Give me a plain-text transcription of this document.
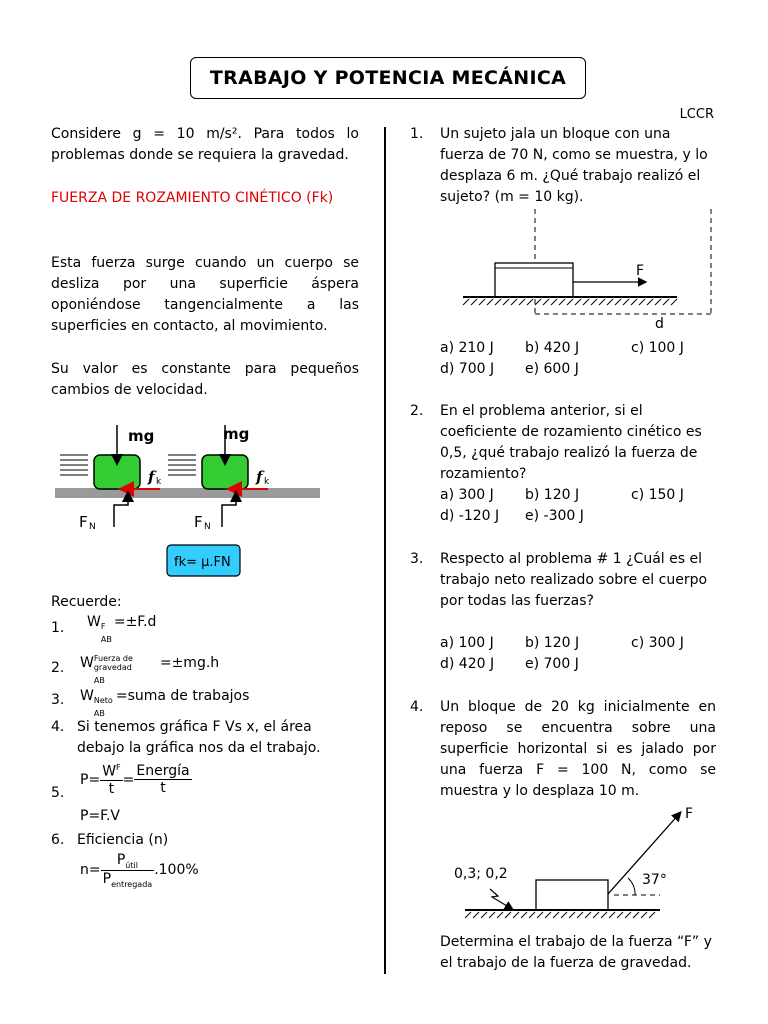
TRABAJO Y POTENCIA MECÁNICA
LCCR
Considere g = 10 m/s². Para todos lo problemas donde se requiera la gravedad.
FUERZA DE ROZAMIENTO CINÉTICO (Fk)
Esta fuerza surge cuando un cuerpo se desliza por una superficie áspera oponiéndose tangencialmente a las superficies en contacto, al movimiento.
Su valor es constante para pequeños cambios de velocidad.
mg	mg
f k	f k
F N	F N
fk= μ.FN
Recuerde:
1. W F
AB
=±F.d
2. W Fuerza de gravedad
AB
=±mg.h
3. W Neto
AB
=suma de trabajos
4. Si tenemos gráfica F Vs x, el área debajo la gráfica nos da el trabajo.
5.
$P= \frac{W^F}{t} = \frac{\text{Energía}}{t}$
P=F.V
6. Eficiencia (n)
$n= \frac{P_{útil}}{P_{entregada}} .100\%$
1. Un sujeto jala un bloque con una fuerza de 70 N, como se muestra, y lo desplaza 6 m. ¿Qué trabajo realizó el sujeto? (m = 10 kg).
F
d
a) 210 J b) 420 J	c) 100 J
d) 700 J e) 600 J
2. En el problema anterior, si el coeficiente de rozamiento cinético es 0,5, ¿qué trabajo realizó la fuerza de rozamiento?
a) 300 J b) 120 J	c) 150 J
d) -120 J e) -300 J
3. Respecto al problema # 1 ¿Cuál es el trabajo neto realizado sobre el cuerpo por todas las fuerzas?
a) 100 J b) 120 J	c) 300 J
d) 420 J e) 700 J
4. Un bloque de 20 kg inicialmente en reposo se encuentra sobre una superficie horizontal si es jalado por una fuerza F = 100 N, como se muestra y lo desplaza 10 m.
0,3; 0,2	37°
F
Determina el trabajo de la fuerza “F” y el trabajo de la fuerza de gravedad.
